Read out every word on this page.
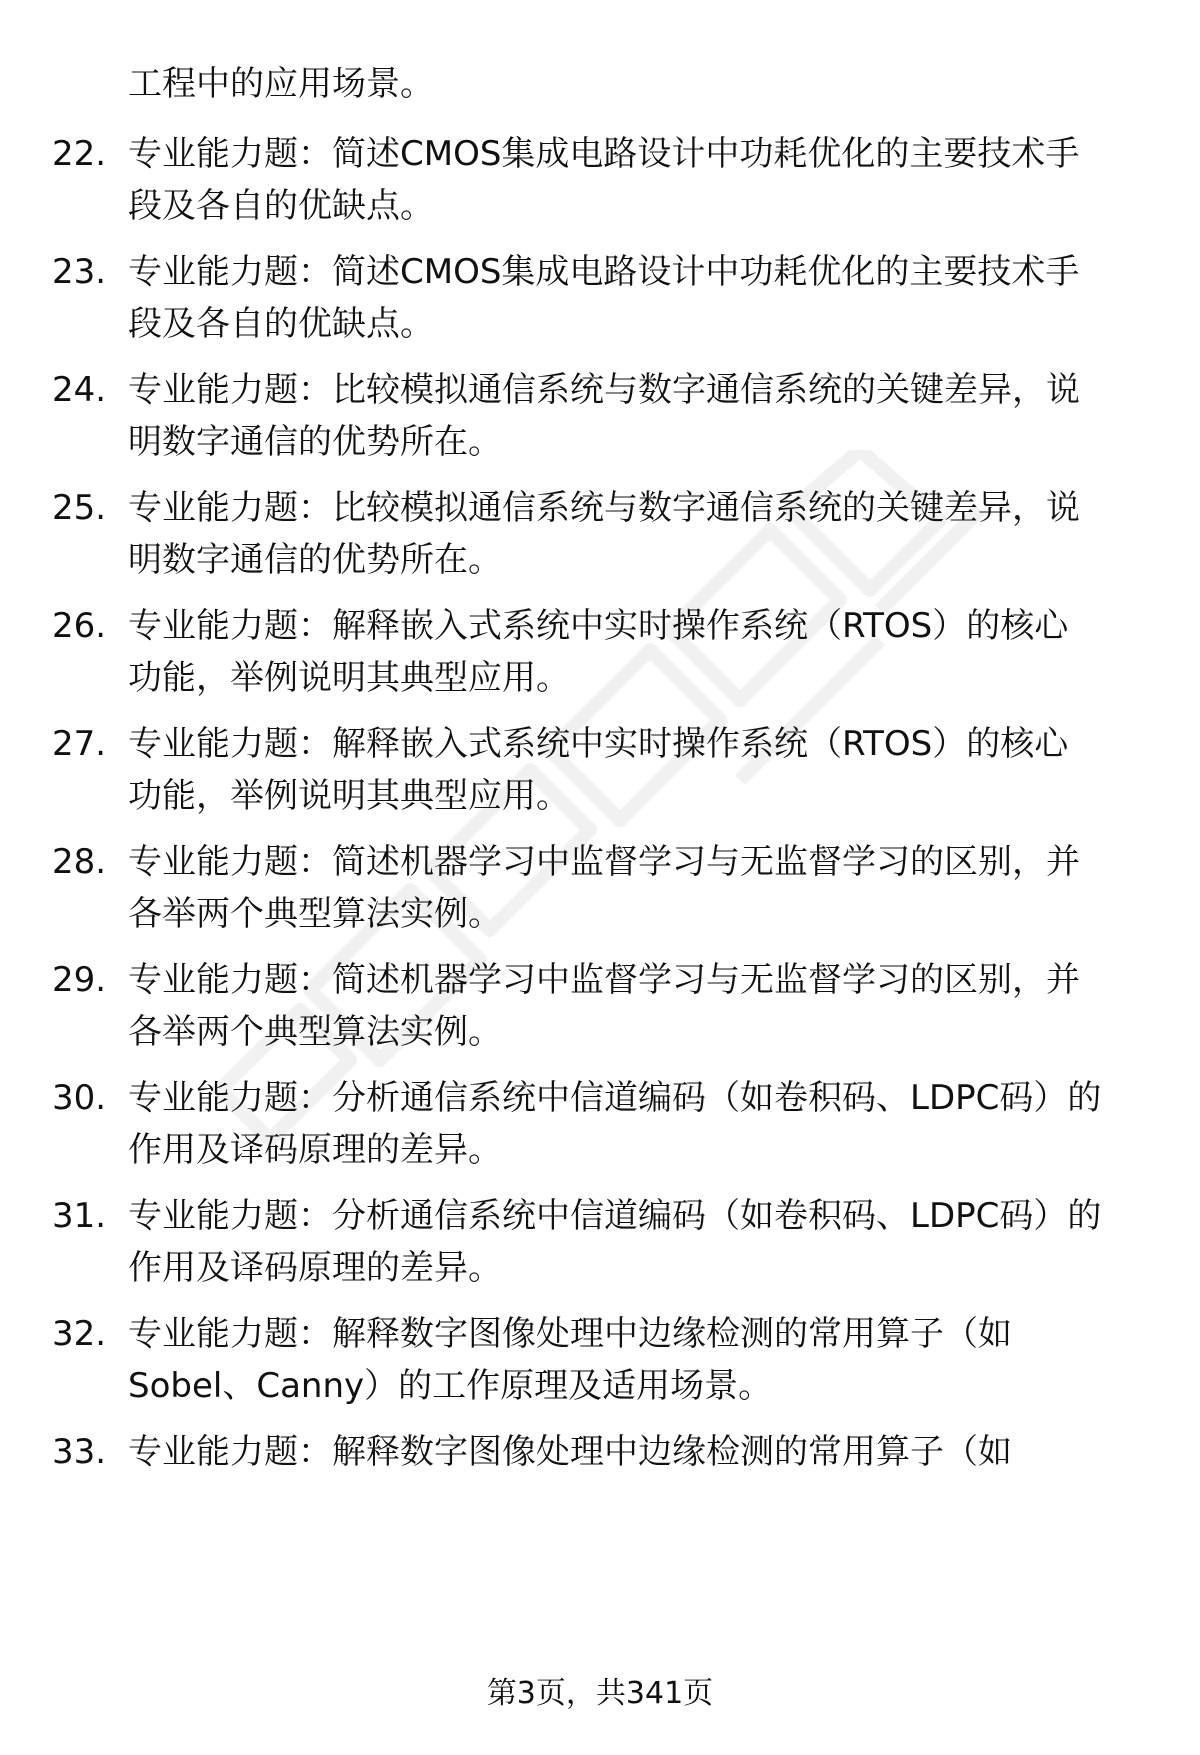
工程中的应用场景。
22. 专业能力题：简述CMOS集成电路设计中功耗优化的主要技术手
段及各自的优缺点。
23. 专业能力题：简述CMOS集成电路设计中功耗优化的主要技术手
段及各自的优缺点。
24. 专业能力题：比较模拟通信系统与数字通信系统的关键差异，说
明数字通信的优势所在。
25. 专业能力题：比较模拟通信系统与数字通信系统的关键差异，说
明数字通信的优势所在。
26. 专业能力题：解释嵌入式系统中实时操作系统（RTOS）的核心
功能，举例说明其典型应用。
27. 专业能力题：解释嵌入式系统中实时操作系统（RTOS）的核心
功能，举例说明其典型应用。
28. 专业能力题：简述机器学习中监督学习与无监督学习的区别，并
各举两个典型算法实例。
29. 专业能力题：简述机器学习中监督学习与无监督学习的区别，并
各举两个典型算法实例。
30. 专业能力题：分析通信系统中信道编码（如卷积码、LDPC码）的
作用及译码原理的差异。
31. 专业能力题：分析通信系统中信道编码（如卷积码、LDPC码）的
作用及译码原理的差异。
32. 专业能力题：解释数字图像处理中边缘检测的常用算子（如
Sobel、Canny）的工作原理及适用场景。
33. 专业能力题：解释数字图像处理中边缘检测的常用算子（如
第3页，共341页
